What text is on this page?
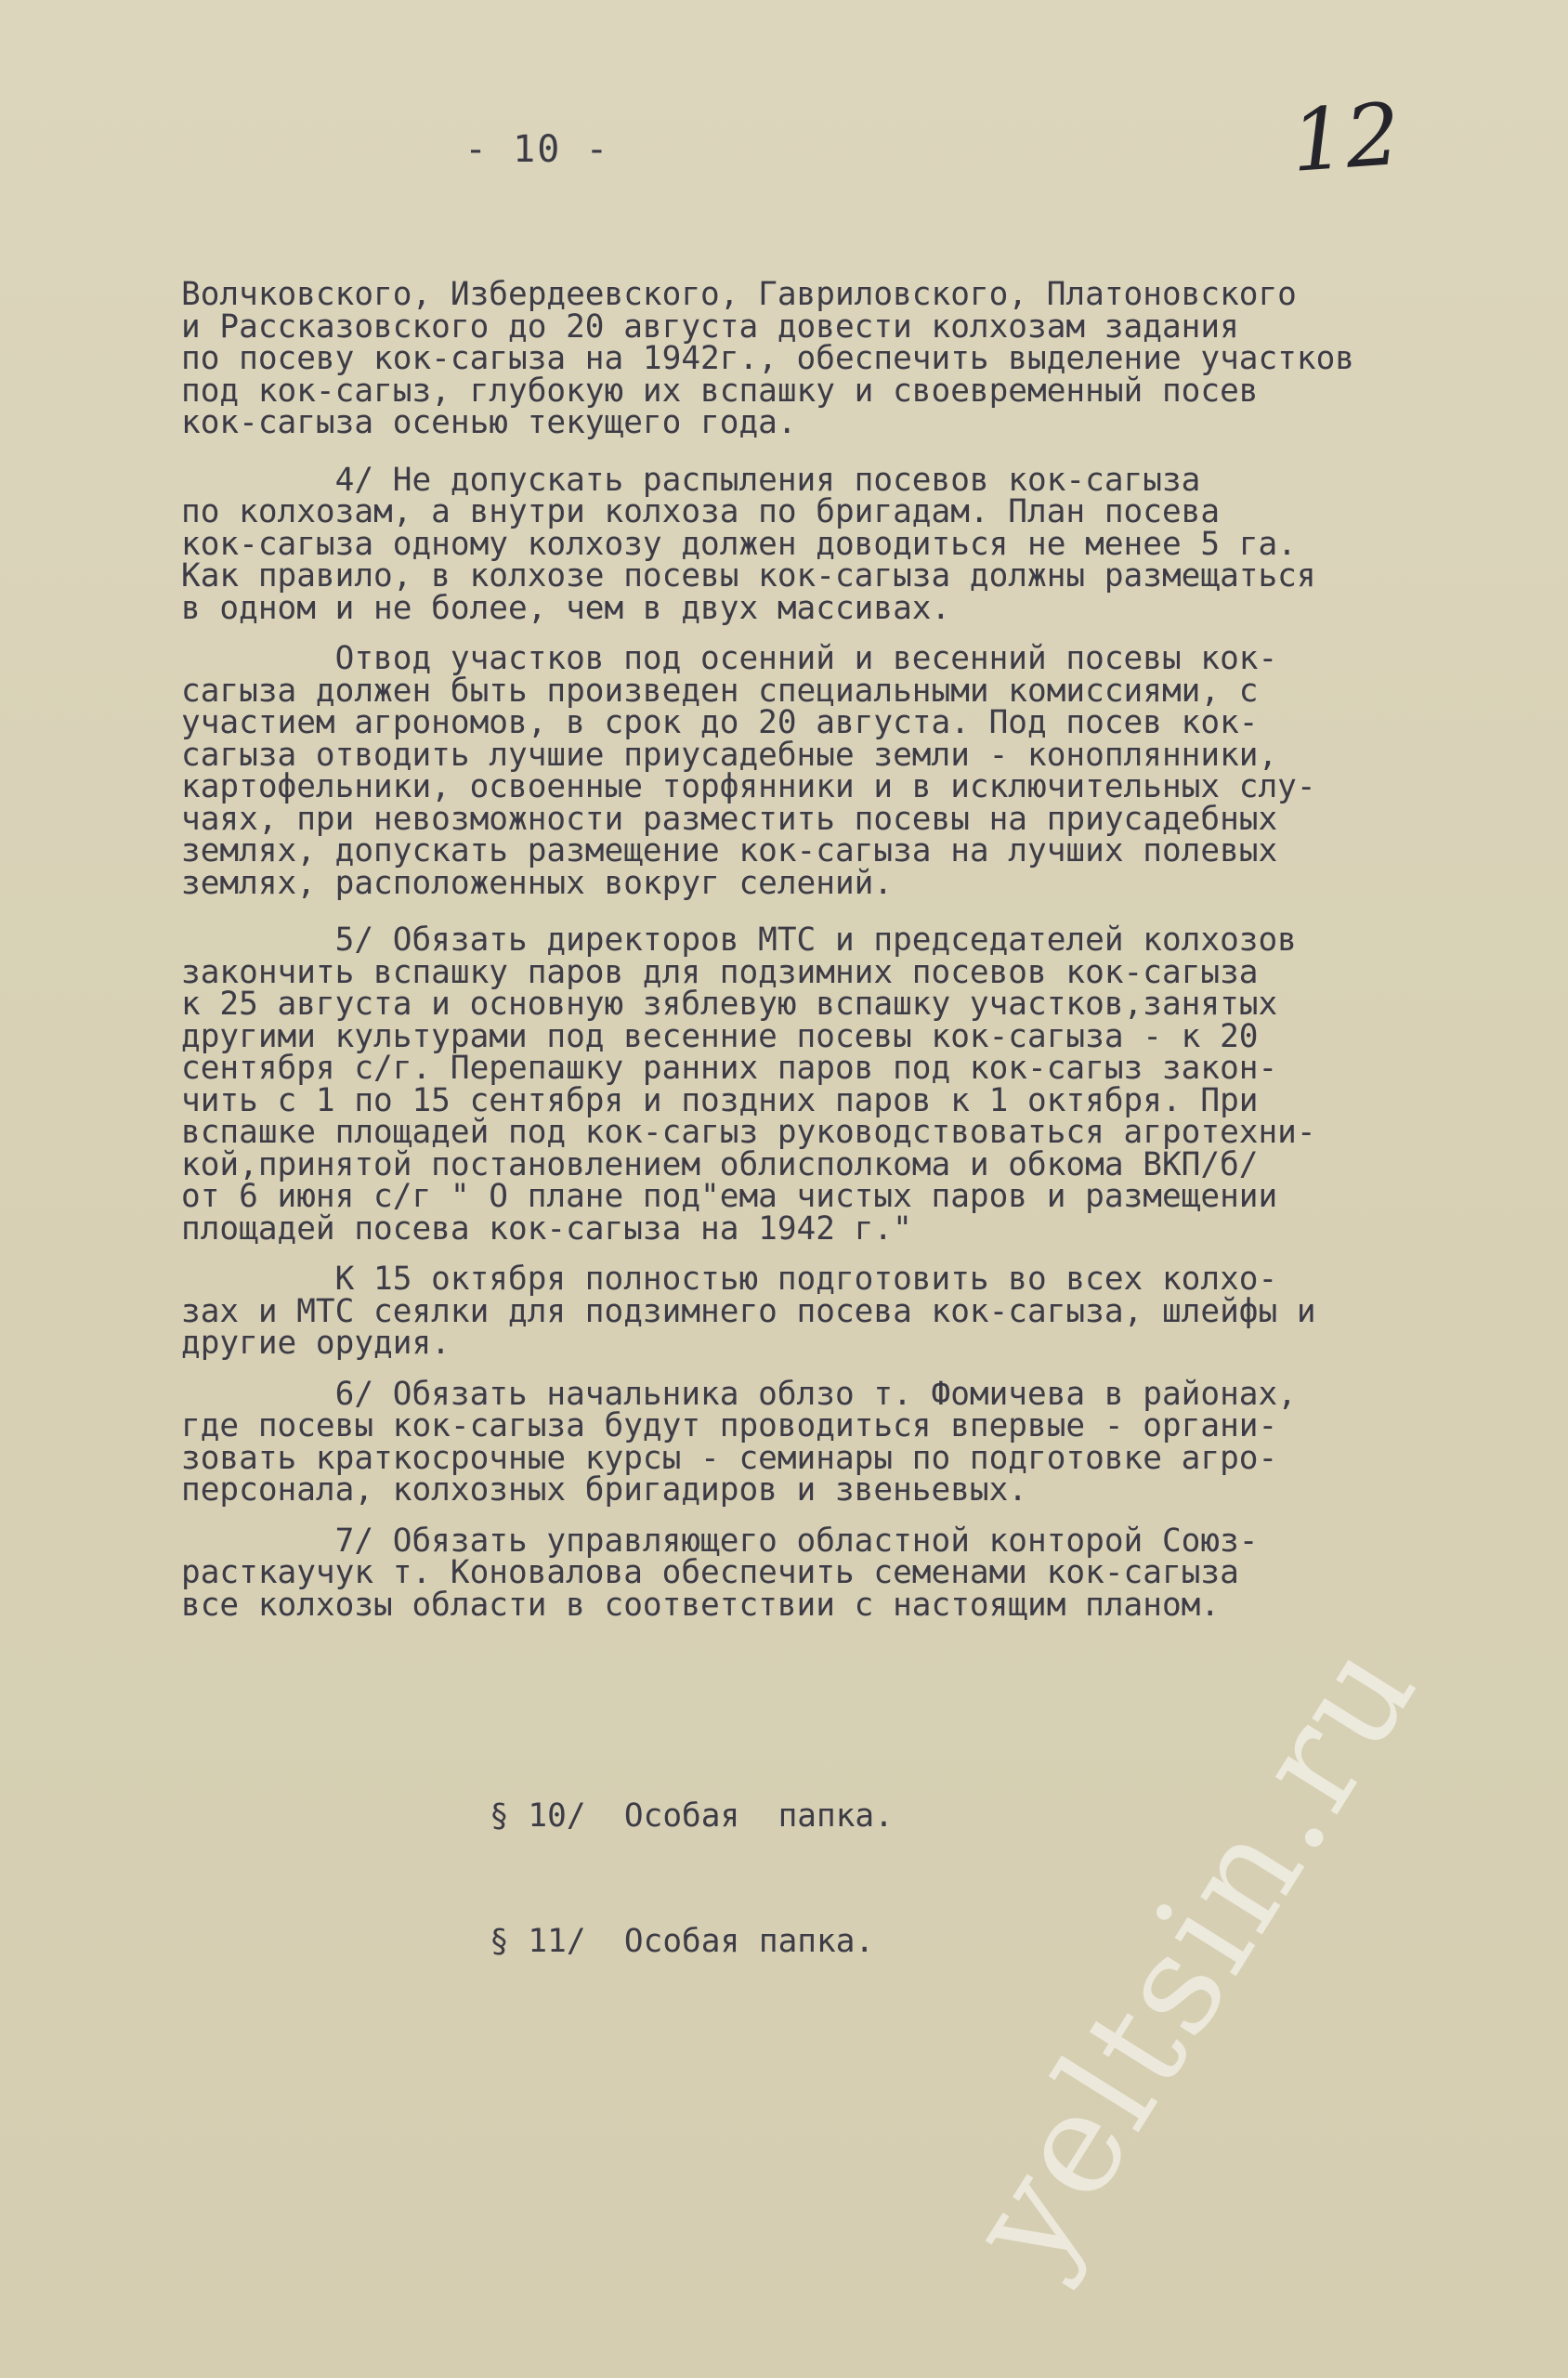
- 10 -	12
Волчковского, Избердеевского, Гавриловского, Платоновского
и Рассказовского до 20 августа довести колхозам задания
по посеву кок-сагыза на 1942г., обеспечить выделение участков
под кок-сагыз, глубокую их вспашку и своевременный посев
кок-сагыза осенью текущего года.
4/ Не допускать распыления посевов кок-сагыза
по колхозам, а внутри колхоза по бригадам. План посева
кок-сагыза одному колхозу должен доводиться не менее 5 га.
Как правило, в колхозе посевы кок-сагыза должны размещаться
в одном и не более, чем в двух массивах.
Отвод участков под осенний и весенний посевы кок-
сагыза должен быть произведен специальными комиссиями, с
участием агрономов, в срок до 20 августа. Под посев кок-
сагыза отводить лучшие приусадебные земли - коноплянники,
картофельники, освоенные торфянники и в исключительных слу-
чаях, при невозможности разместить посевы на приусадебных
землях, допускать размещение кок-сагыза на лучших полевых
землях, расположенных вокруг селений.
5/ Обязать директоров МТС и председателей колхозов
закончить вспашку паров для подзимних посевов кок-сагыза
к 25 августа и основную зяблевую вспашку участков,занятых
другими культурами под весенние посевы кок-сагыза - к 20
сентября с/г. Перепашку ранних паров под кок-сагыз закон-
чить с 1 по 15 сентября и поздних паров к 1 октября. При
вспашке площадей под кок-сагыз руководствоваться агротехни-
кой,принятой постановлением облисполкома и обкома ВКП/б/
от 6 июня с/г " О плане под"ема чистых паров и размещении
площадей посева кок-сагыза на 1942 г."
К 15 октября полностью подготовить во всех колхо-
зах и МТС сеялки для подзимнего посева кок-сагыза, шлейфы и
другие орудия.
6/ Обязать начальника облзо т. Фомичева в районах,
где посевы кок-сагыза будут проводиться впервые - органи-
зовать краткосрочные курсы - семинары по подготовке агро-
персонала, колхозных бригадиров и звеньевых.
7/ Обязать управляющего областной конторой Союз-
расткаучук т. Коновалова обеспечить семенами кок-сагыза
все колхозы области в соответствии с настоящим планом.
§ 10/  Особая  папка.
§ 11/  Особая папка. yeltsin.ru
